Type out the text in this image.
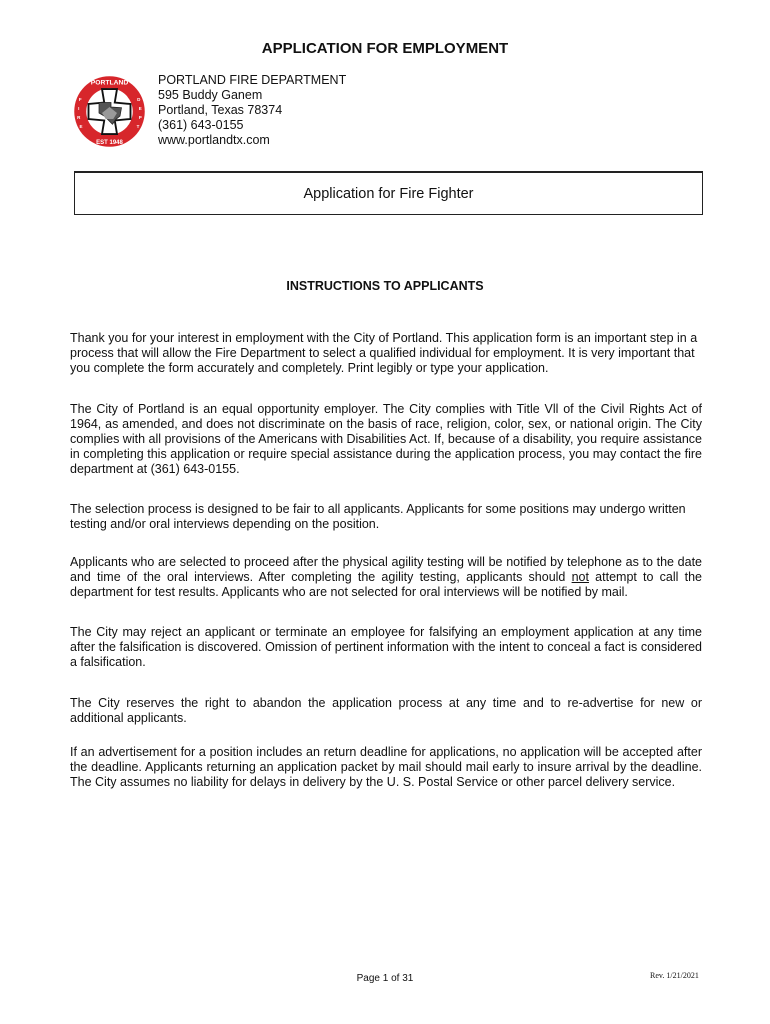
APPLICATION FOR EMPLOYMENT
PORTLAND
EST 1948
F
I
R
E
D
E
P
T
PORTLAND FIRE DEPARTMENT
595 Buddy Ganem
Portland, Texas 78374
(361) 643-0155
www.portlandtx.com
Application for Fire Fighter
INSTRUCTIONS TO APPLICANTS

Thank you for your interest in employment with the City of Portland. This application form is an important step in a process that will allow the Fire Department to select a qualified individual for employment. It is very important that you complete the form accurately and completely. Print legibly or type your application.

The City of Portland is an equal opportunity employer. The City complies with Title Vll of the Civil Rights Act of 1964, as amended, and does not discriminate on the basis of race, religion, color, sex, or national origin. The City complies with all provisions of the Americans with Disabilities Act. If, because of a disability, you require assistance in completing this application or require special assistance during the application process, you may contact the fire department at (361) 643-0155.

The selection process is designed to be fair to all applicants. Applicants for some positions may undergo written testing and/or oral interviews depending on the position.

Applicants who are selected to proceed after the physical agility testing will be notified by telephone as to the date and time of the oral interviews. After completing the agility testing, applicants should not attempt to call the department for test results. Applicants who are not selected for oral interviews will be notified by mail.

The City may reject an applicant or terminate an employee for falsifying an employment application at any time after the falsification is discovered. Omission of pertinent information with the intent to conceal a fact is considered a falsification.

The City reserves the right to abandon the application process at any time and to re-advertise for new or additional applicants.

If an advertisement for a position includes an return deadline for applications, no application will be accepted after the deadline. Applicants returning an application packet by mail should mail early to insure arrival by the deadline. The City assumes no liability for delays in delivery by the U. S. Postal Service or other parcel delivery service.

Page 1 of 31	Rev. 1/21/2021
